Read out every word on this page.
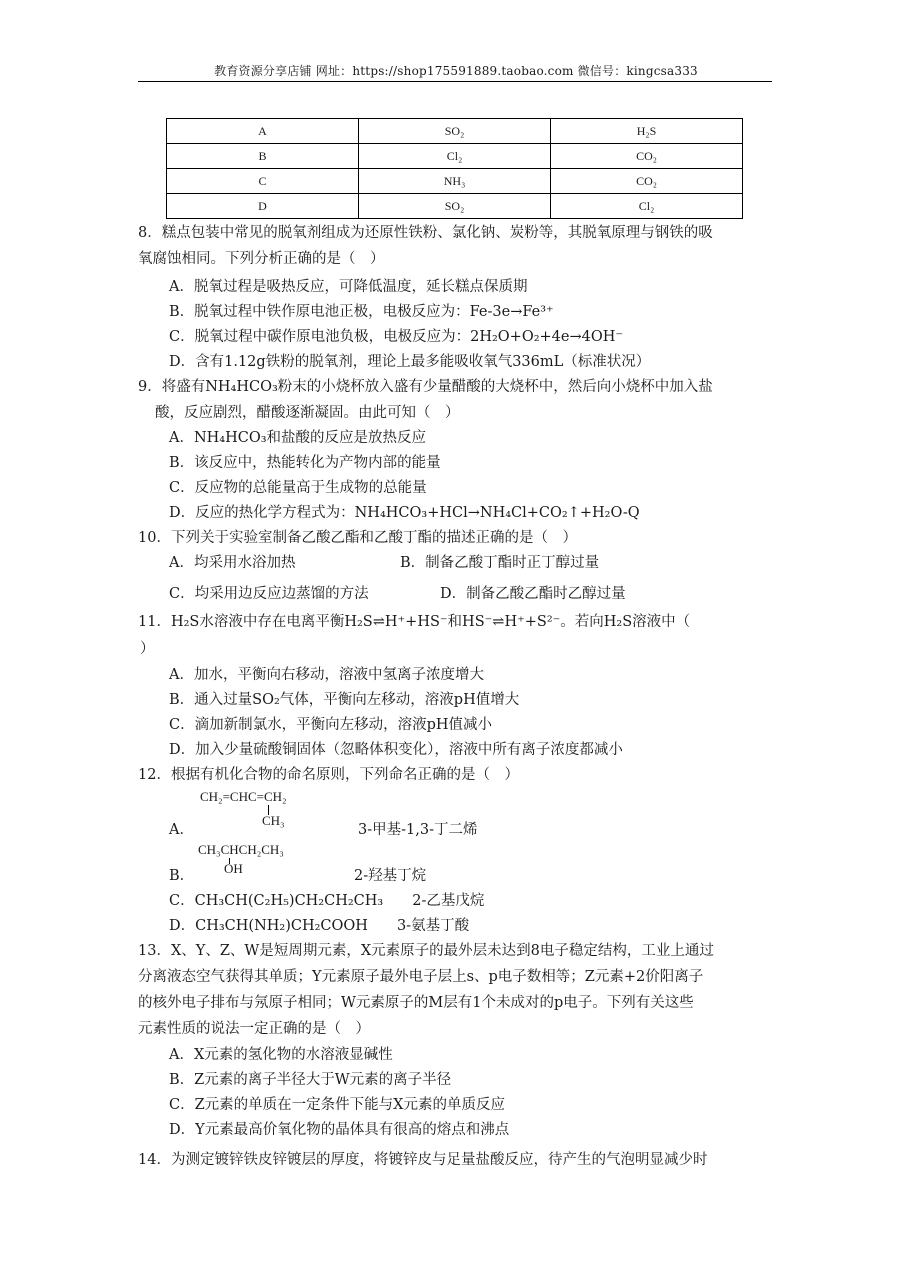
教育资源分享店铺 网址：https://shop175591889.taobao.com 微信号：kingcsa333
A	SO₂	H₂S
B	Cl₂	CO₂
C	NH₃	CO₂
D	SO₂	Cl₂
8．糕点包装中常见的脱氧剂组成为还原性铁粉、氯化钠、炭粉等，其脱氧原理与钢铁的吸
氧腐蚀相同。下列分析正确的是（　）
A．脱氧过程是吸热反应，可降低温度，延长糕点保质期
B．脱氧过程中铁作原电池正极，电极反应为：Fe-3e→Fe³⁺
C．脱氧过程中碳作原电池负极，电极反应为：2H₂O+O₂+4e→4OH⁻
D．含有1.12g铁粉的脱氧剂，理论上最多能吸收氧气336mL（标准状况）
9．将盛有NH₄HCO₃粉末的小烧杯放入盛有少量醋酸的大烧杯中，然后向小烧杯中加入盐
酸，反应剧烈，醋酸逐渐凝固。由此可知（　）
A．NH₄HCO₃和盐酸的反应是放热反应
B．该反应中，热能转化为产物内部的能量
C．反应物的总能量高于生成物的总能量
D．反应的热化学方程式为：NH₄HCO₃+HCl→NH₄Cl+CO₂↑+H₂O-Q
10．下列关于实验室制备乙酸乙酯和乙酸丁酯的描述正确的是（　）
A．均采用水浴加热	B．制备乙酸丁酯时正丁醇过量
C．均采用边反应边蒸馏的方法	D．制备乙酸乙酯时乙醇过量
11．H₂S水溶液中存在电离平衡H₂S⇌H⁺+HS⁻和HS⁻⇌H⁺+S²⁻。若向H₂S溶液中（
）
A．加水，平衡向右移动，溶液中氢离子浓度增大
B．通入过量SO₂气体，平衡向左移动，溶液pH值增大
C．滴加新制氯水，平衡向左移动，溶液pH值减小
D．加入少量硫酸铜固体（忽略体积变化），溶液中所有离子浓度都减小
12．根据有机化合物的命名原则，下列命名正确的是（　）
CH₂=CHC=CH₂
CH₃
A．	3-甲基-1,3-丁二烯
CH₃CHCH₂CH₃
OH
B．	2-羟基丁烷
C．CH₃CH(C₂H₅)CH₂CH₂CH₃　　2-乙基戊烷
D．CH₃CH(NH₂)CH₂COOH　　3-氨基丁酸
13．X、Y、Z、W是短周期元素，X元素原子的最外层未达到8电子稳定结构，工业上通过
分离液态空气获得其单质；Y元素原子最外电子层上s、p电子数相等；Z元素+2价阳离子
的核外电子排布与氖原子相同；W元素原子的M层有1个未成对的p电子。下列有关这些
元素性质的说法一定正确的是（　）
A．X元素的氢化物的水溶液显碱性
B．Z元素的离子半径大于W元素的离子半径
C．Z元素的单质在一定条件下能与X元素的单质反应
D．Y元素最高价氧化物的晶体具有很高的熔点和沸点
14．为测定镀锌铁皮锌镀层的厚度，将镀锌皮与足量盐酸反应，待产生的气泡明显减少时
